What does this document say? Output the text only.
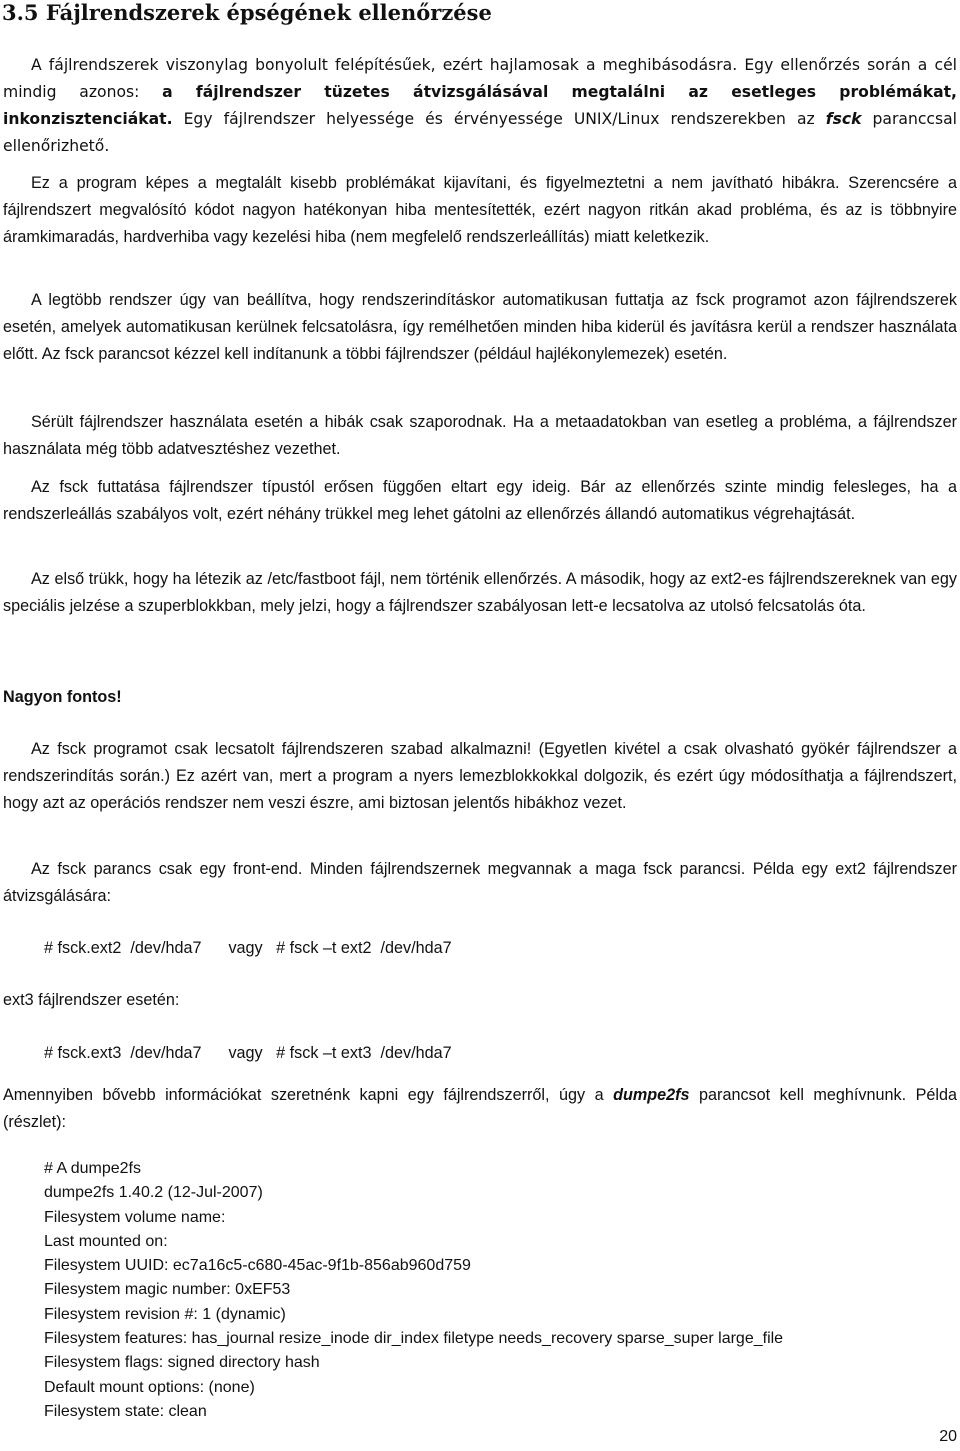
3.5 Fájlrendszerek épségének ellenőrzése

A fájlrendszerek viszonylag bonyolult felépítésűek, ezért hajlamosak a meghibásodásra. Egy ellenőrzés során a cél mindig azonos: a fájlrendszer tüzetes átvizsgálásával megtalálni az esetleges problémákat, inkonzisztenciákat. Egy fájlrendszer helyessége és érvényessége UNIX/Linux rendszerekben az fsck paranccsal ellenőrizhető.

Ez a program képes a megtalált kisebb problémákat kijavítani, és figyelmeztetni a nem javítható hibákra. Szerencsére a fájlrendszert megvalósító kódot nagyon hatékonyan hiba mentesítették, ezért nagyon ritkán akad probléma, és az is többnyire áramkimaradás, hardverhiba vagy kezelési hiba (nem megfelelő rendszerleállítás) miatt keletkezik.

A legtöbb rendszer úgy van beállítva, hogy rendszerindításkor automatikusan futtatja az fsck programot azon fájlrendszerek esetén, amelyek automatikusan kerülnek felcsatolásra, így remélhetően minden hiba kiderül és javításra kerül a rendszer használata előtt. Az fsck parancsot kézzel kell indítanunk a többi fájlrendszer (például hajlékonylemezek) esetén.

Sérült fájlrendszer használata esetén a hibák csak szaporodnak. Ha a metaadatokban van esetleg a probléma, a fájlrendszer használata még több adatvesztéshez vezethet.

Az fsck futtatása fájlrendszer típustól erősen függően eltart egy ideig. Bár az ellenőrzés szinte mindig felesleges, ha a rendszerleállás szabályos volt, ezért néhány trükkel meg lehet gátolni az ellenőrzés állandó automatikus végrehajtását.

Az első trükk, hogy ha létezik az /etc/fastboot fájl, nem történik ellenőrzés. A második, hogy az ext2-es fájlrendszereknek van egy speciális jelzése a szuperblokkban, mely jelzi, hogy a fájlrendszer szabályosan lett-e lecsatolva az utolsó felcsatolás óta.

Nagyon fontos!

Az fsck programot csak lecsatolt fájlrendszeren szabad alkalmazni! (Egyetlen kivétel a csak olvasható gyökér fájlrendszer a rendszerindítás során.) Ez azért van, mert a program a nyers lemezblokkokkal dolgozik, és ezért úgy módosíthatja a fájlrendszert, hogy azt az operációs rendszer nem veszi észre, ami biztosan jelentős hibákhoz vezet.

Az fsck parancs csak egy front-end. Minden fájlrendszernek megvannak a maga fsck parancsi. Példa egy ext2 fájlrendszer átvizsgálására:

# fsck.ext2  /dev/hda7      vagy   # fsck –t ext2  /dev/hda7

ext3 fájlrendszer esetén:

# fsck.ext3  /dev/hda7      vagy   # fsck –t ext3  /dev/hda7

Amennyiben bővebb információkat szeretnénk kapni egy fájlrendszerről, úgy a dumpe2fs parancsot kell meghívnunk. Példa (részlet):

# A dumpe2fs
dumpe2fs 1.40.2 (12-Jul-2007)
Filesystem volume name:
Last mounted on:
Filesystem UUID: ec7a16c5-c680-45ac-9f1b-856ab960d759
Filesystem magic number: 0xEF53
Filesystem revision #: 1 (dynamic)
Filesystem features: has_journal resize_inode dir_index filetype needs_recovery sparse_super large_file
Filesystem flags: signed directory hash
Default mount options: (none)
Filesystem state: clean
20
